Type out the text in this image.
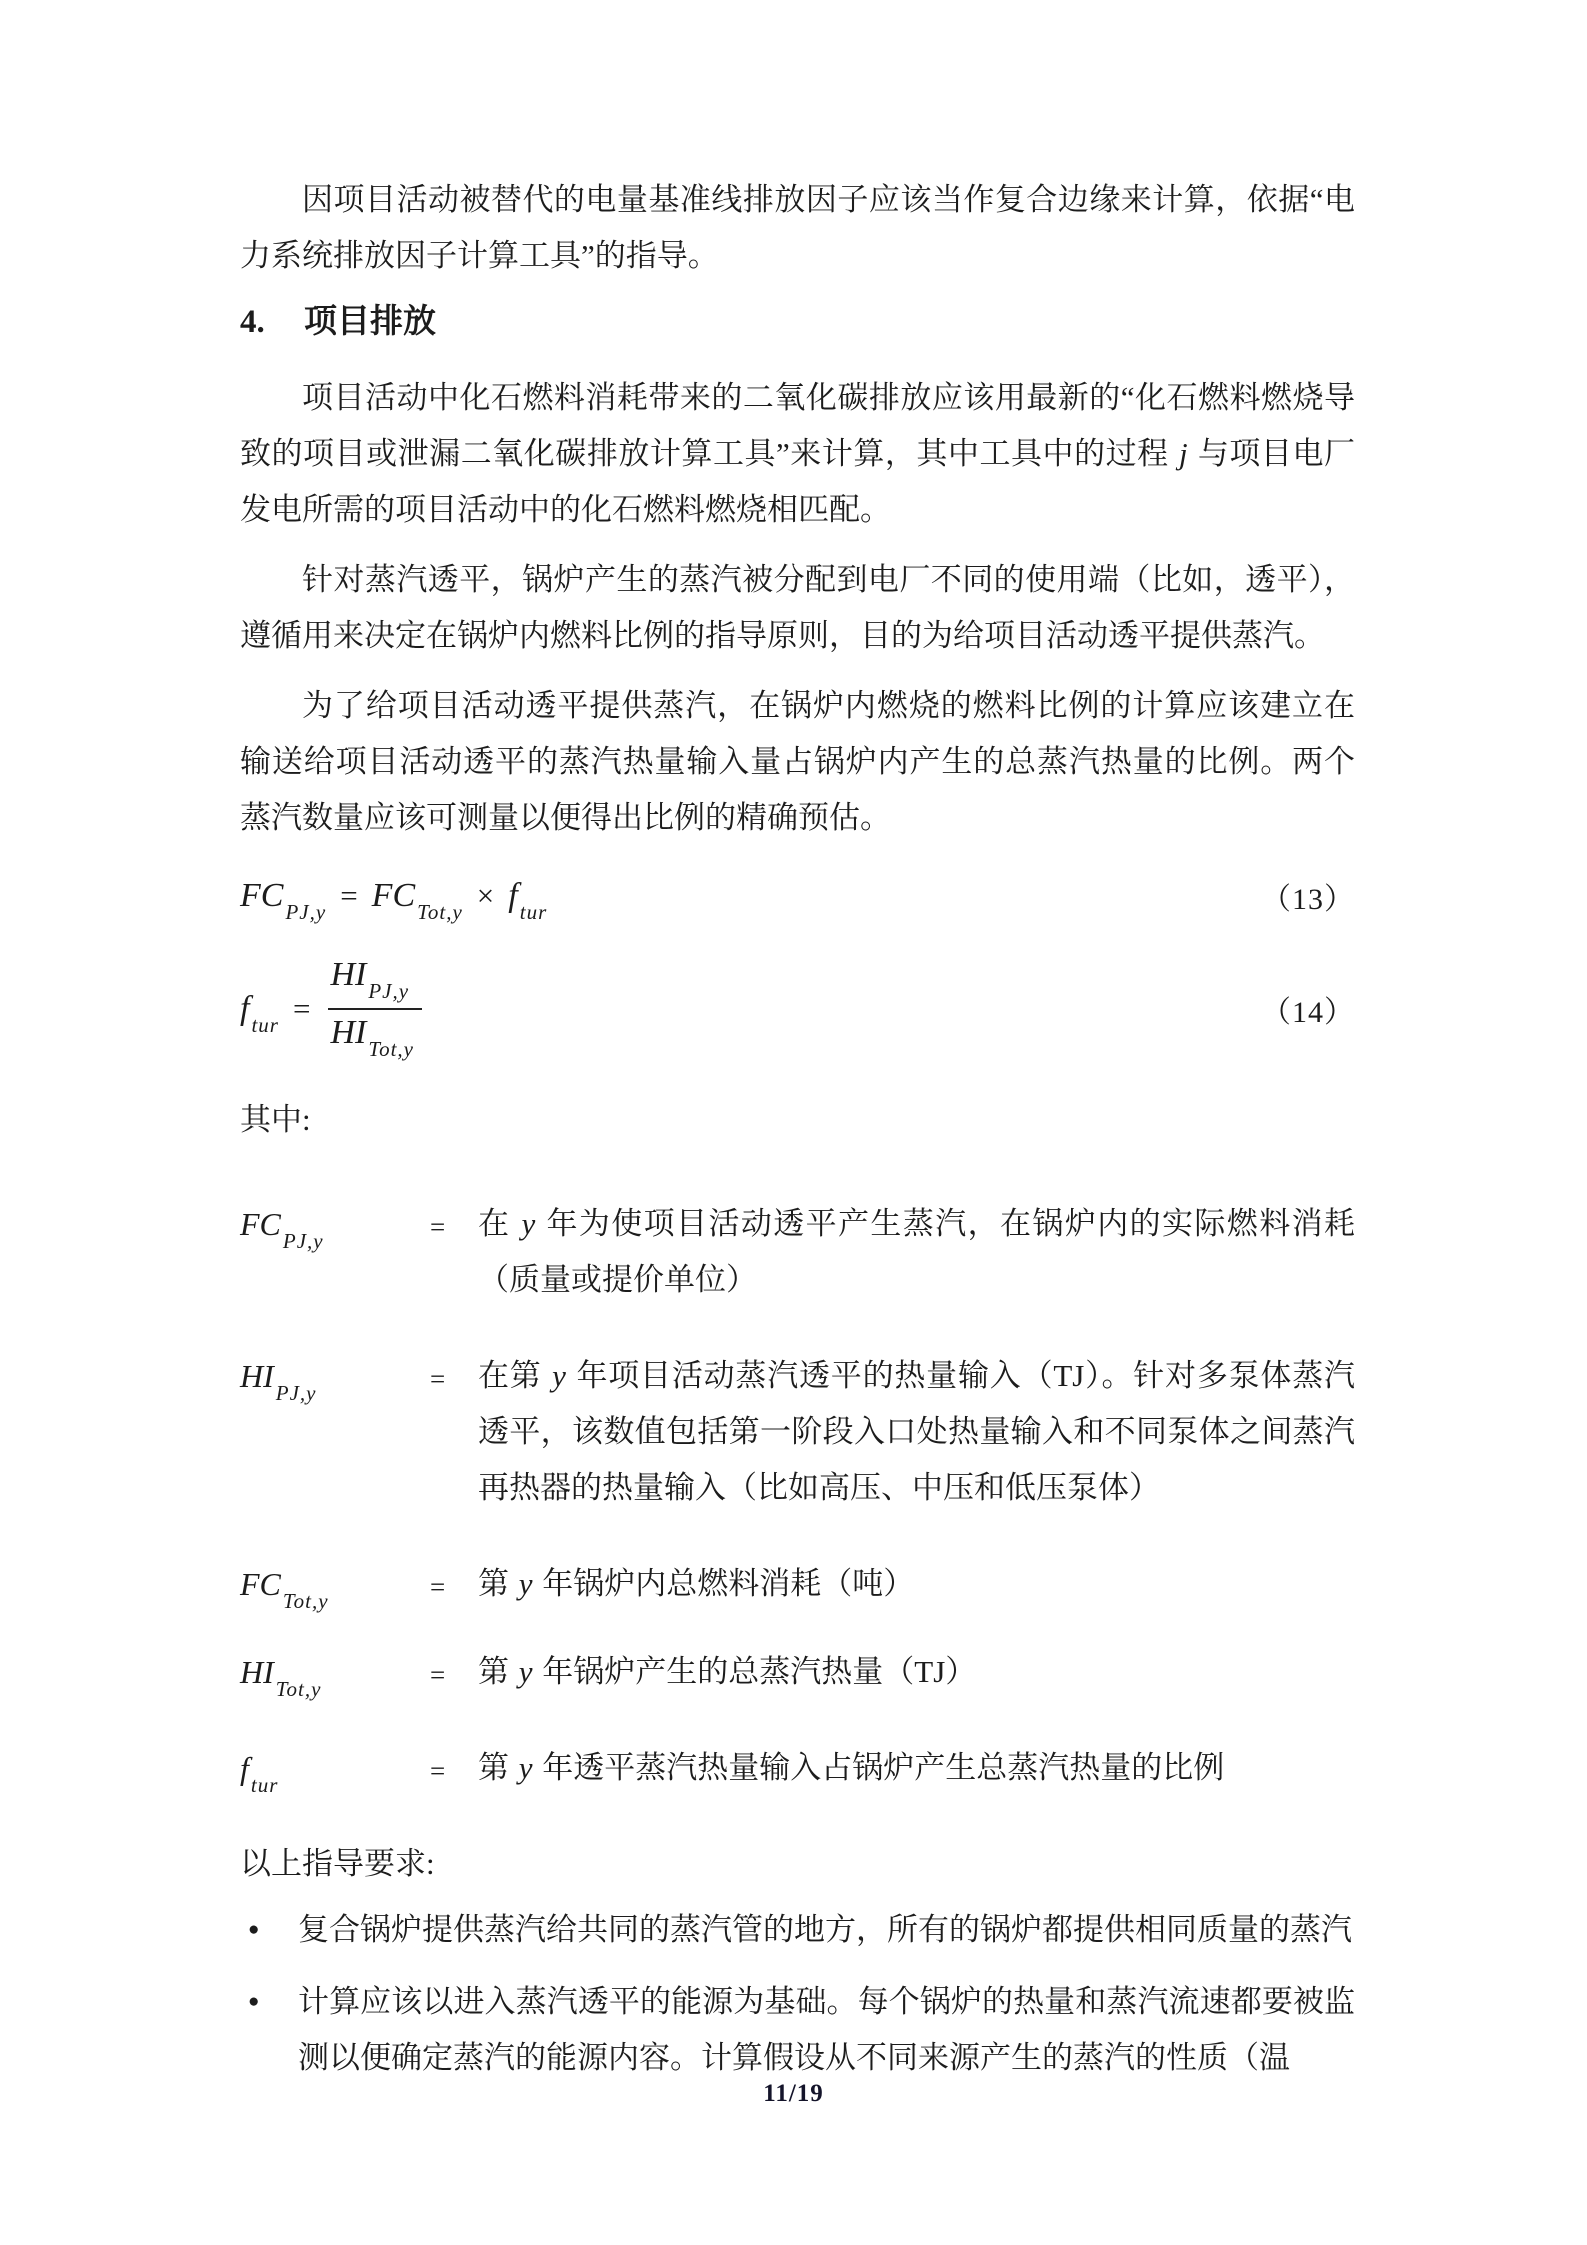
因项目活动被替代的电量基准线排放因子应该当作复合边缘来计算，依据“电力系统排放因子计算工具”的指导。

4. 项目排放

项目活动中化石燃料消耗带来的二氧化碳排放应该用最新的“化石燃料燃烧导致的项目或泄漏二氧化碳排放计算工具”来计算，其中工具中的过程 j 与项目电厂发电所需的项目活动中的化石燃料燃烧相匹配。

针对蒸汽透平，锅炉产生的蒸汽被分配到电厂不同的使用端（比如，透平），遵循用来决定在锅炉内燃料比例的指导原则，目的为给项目活动透平提供蒸汽。

为了给项目活动透平提供蒸汽，在锅炉内燃烧的燃料比例的计算应该建立在输送给项目活动透平的蒸汽热量输入量占锅炉内产生的总蒸汽热量的比例。两个蒸汽数量应该可测量以便得出比例的精确预估。

$FC_{PJ,y} = FC_{Tot,y} \times f_{tur}$	（13）
$f_{tur} = \frac{HI_{PJ,y}}{HI_{Tot,y}}$	（14）

其中:

$FC_{PJ,y}$	=	在 y 年为使项目活动透平产生蒸汽，在锅炉内的实际燃料消耗（质量或提价单位）
$HI_{PJ,y}$	=	在第 y 年项目活动蒸汽透平的热量输入（TJ）。针对多泵体蒸汽透平，该数值包括第一阶段入口处热量输入和不同泵体之间蒸汽再热器的热量输入（比如高压、中压和低压泵体）
$FC_{Tot,y}$	=	第 y 年锅炉内总燃料消耗（吨）
$HI_{Tot,y}$	=	第 y 年锅炉产生的总蒸汽热量（TJ）
$f_{tur}$	=	第 y 年透平蒸汽热量输入占锅炉产生总蒸汽热量的比例

以上指导要求:

●	复合锅炉提供蒸汽给共同的蒸汽管的地方，所有的锅炉都提供相同质量的蒸汽
●	计算应该以进入蒸汽透平的能源为基础。每个锅炉的热量和蒸汽流速都要被监测以便确定蒸汽的能源内容。计算假设从不同来源产生的蒸汽的性质（温
11/19
